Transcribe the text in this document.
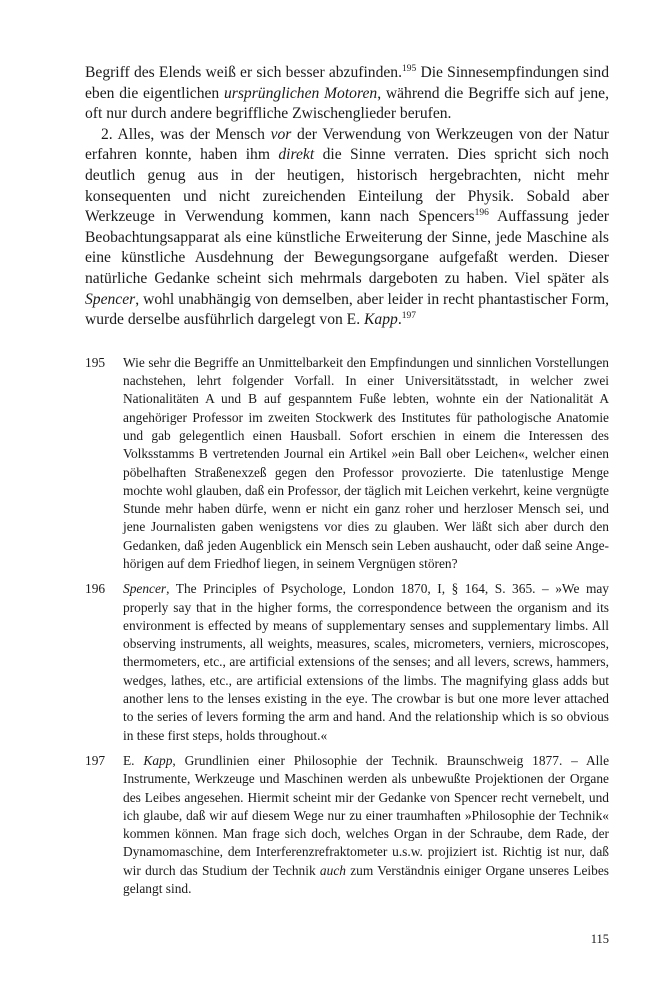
Begriff des Elends weiß er sich besser abzufinden.$^{195}$ Die Sinnesempfindungen sind eben die eigentlichen ursprünglichen Motoren, während die Begriffe sich auf jene, oft nur durch andere begriffliche Zwischenglieder berufen.

2. Alles, was der Mensch vor der Verwendung von Werkzeugen von der Natur erfahren konnte, haben ihm direkt die Sinne verraten. Dies spricht sich noch deutlich genug aus in der heutigen, historisch hergebrachten, nicht mehr konsequenten und nicht zureichenden Einteilung der Physik. Sobald aber Werkzeuge in Verwendung kommen, kann nach Spencers$^{196}$ Auffassung jeder Beobachtungsapparat als eine künstliche Erweiterung der Sinne, jede Maschine als eine künstliche Ausdehnung der Bewegungsorgane aufgefaßt werden. Dieser natürliche Gedanke scheint sich mehrmals dargeboten zu haben. Viel später als Spencer, wohl unabhängig von demselben, aber leider in recht phantastischer Form, wurde derselbe ausführlich dargelegt von E. Kapp.$^{197}$

195 Wie sehr die Begriffe an Unmittelbarkeit den Empfindungen und sinnlichen Vorstellungen nachstehen, lehrt folgender Vorfall. In einer Universitätsstadt, in welcher zwei Nationalitäten A und B auf gespanntem Fuße lebten, wohnte ein der Nationalität A angehöriger Professor im zweiten Stockwerk des Institutes für pathologische Anatomie und gab gelegentlich einen Hausball. Sofort erschien in einem die Interessen des Volksstamms B vertretenden Journal ein Artikel »ein Ball ober Leichen«, welcher einen pöbelhaften Straßenexzeß gegen den Professor provozierte. Die tatenlustige Menge mochte wohl glauben, daß ein Professor, der täglich mit Leichen verkehrt, keine vergnügte Stunde mehr haben dürfe, wenn er nicht ein ganz roher und herzloser Mensch sei, und jene Journalisten gaben wenigstens vor dies zu glauben. Wer läßt sich aber durch den Gedanken, daß jeden Augenblick ein Mensch sein Leben aushaucht, oder daß seine Angehörigen auf dem Friedhof liegen, in seinem Vergnügen stören?
196 Spencer, The Principles of Psychologe, London 1870, I, § 164, S. 365. – »We may properly say that in the higher forms, the correspondence between the organism and its environment is effected by means of supplementary senses and supplementary limbs. All observing instruments, all weights, measures, scales, micrometers, verniers, microscopes, thermometers, etc., are artificial extensions of the senses; and all levers, screws, hammers, wedges, lathes, etc., are artificial extensions of the limbs. The magnifying glass adds but another lens to the lenses existing in the eye. The crowbar is but one more lever attached to the series of levers forming the arm and hand. And the relationship which is so obvious in these first steps, holds throughout.«
197 E. Kapp, Grundlinien einer Philosophie der Technik. Braunschweig 1877. – Alle Instrumente, Werkzeuge und Maschinen werden als unbewußte Projektionen der Organe des Leibes angesehen. Hiermit scheint mir der Gedanke von Spencer recht vernebelt, und ich glaube, daß wir auf diesem Wege nur zu einer traumhaften »Philosophie der Technik« kommen können. Man frage sich doch, welches Organ in der Schraube, dem Rade, der Dynamomaschine, dem Interferenzrefraktometer u.s.w. projiziert ist. Richtig ist nur, daß wir durch das Studium der Technik auch zum Verständnis einiger Organe unseres Leibes gelangt sind.
115
